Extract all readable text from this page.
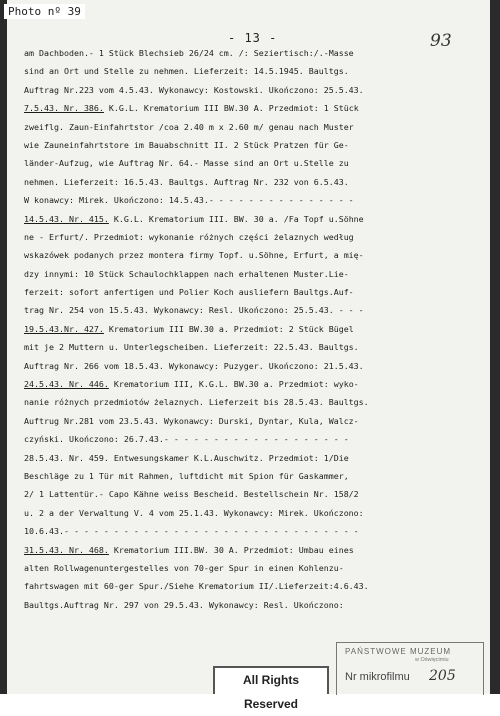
Photo nº 39
- 13 -	93
am Dachboden.- 1 Stück Blechsieb 26/24 cm. /: Seziertisch:/.-Masse
sind an Ort und Stelle zu nehmen. Lieferzeit: 14.5.1945. Baultgs.
Auftrag Nr.223 vom 4.5.43. Wykonawcy: Kostowski. Ukończono: 25.5.43.
7.5.43. Nr. 386. K.G.L. Krematorium III BW.30 A. Przedmiot: 1 Stück
zweiflg. Zaun-Einfahrtstor /coa 2.40 m x 2.60 m/ genau nach Muster
wie Zauneinfahrtstore im Bauabschnitt II. 2 Stück Pratzen für Ge-
länder-Aufzug, wie Auftrag Nr. 64.- Masse sind an Ort u.Stelle zu
nehmen. Lieferzeit: 16.5.43. Baultgs. Auftrag Nr. 232 von 6.5.43.
W konawcy: Mirek. Ukończono: 14.5.43.- - - - - - - - - - - - - - -
14.5.43. Nr. 415. K.G.L. Krematorium III. BW. 30 a. /Fa Topf u.Söhne
ne - Erfurt/. Przedmiot: wykonanie różnych części żelaznych według
wskazówek podanych przez montera firmy Topf. u.Söhne, Erfurt, a mię-
dzy innymi: 10 Stück Schaulochklappen nach erhaltenen Muster.Lie-
ferzeit: sofort anfertigen und Polier Koch ausliefern Baultgs.Auf-
trag Nr. 254 von 15.5.43. Wykonawcy: Resl. Ukończono: 25.5.43. - - -
19.5.43.Nr. 427. Krematorium III BW.30 a. Przedmiot: 2 Stück Bügel
mit je 2 Muttern u. Unterlegscheiben. Lieferzeit: 22.5.43. Baultgs.
Auftrag Nr. 266 vom 18.5.43. Wykonawcy: Puzyger. Ukończono: 21.5.43.
24.5.43. Nr. 446. Krematorium III, K.G.L. BW.30 a. Przedmiot: wyko-
nanie różnych przedmiotów żelaznych. Lieferzeit bis 28.5.43. Baultgs.
Auftrug Nr.281 vom 23.5.43. Wykonawcy: Durski, Dyntar, Kula, Walcz-
czyński. Ukończono: 26.7.43.- - - - - - - - - - - - - - - - - - -
28.5.43. Nr. 459. Entwesungskamer K.L.Auschwitz. Przedmiot: 1/Die
Beschläge zu 1 Tür mit Rahmen, luftdicht mit Spion für Gaskammer,
2/ 1 Lattentür.- Capo Kähne weiss Bescheid. Bestellschein Nr. 158/2
u. 2 a der Verwaltung V. 4 vom 25.1.43. Wykonawcy: Mirek. Ukończono:
10.6.43.- - - - - - - - - - - - - - - - - - - - - - - - - - - - - -
31.5.43. Nr. 468. Krematorium III.BW. 30 A. Przedmiot: Umbau eines
alten Rollwagenuntergestelles von 70-ger Spur in einen Kohlenzu-
fahrtswagen mit 60-ger Spur./Siehe Krematorium II/.Lieferzeit:4.6.43.
Baultgs.Auftrag Nr. 297 von 29.5.43. Wykonawcy: Resl. Ukończono:
All Rights Reserved
PAŃSTWOWE MUZEUM
w Oświęcimiu
Nr mikrofilmu 205
